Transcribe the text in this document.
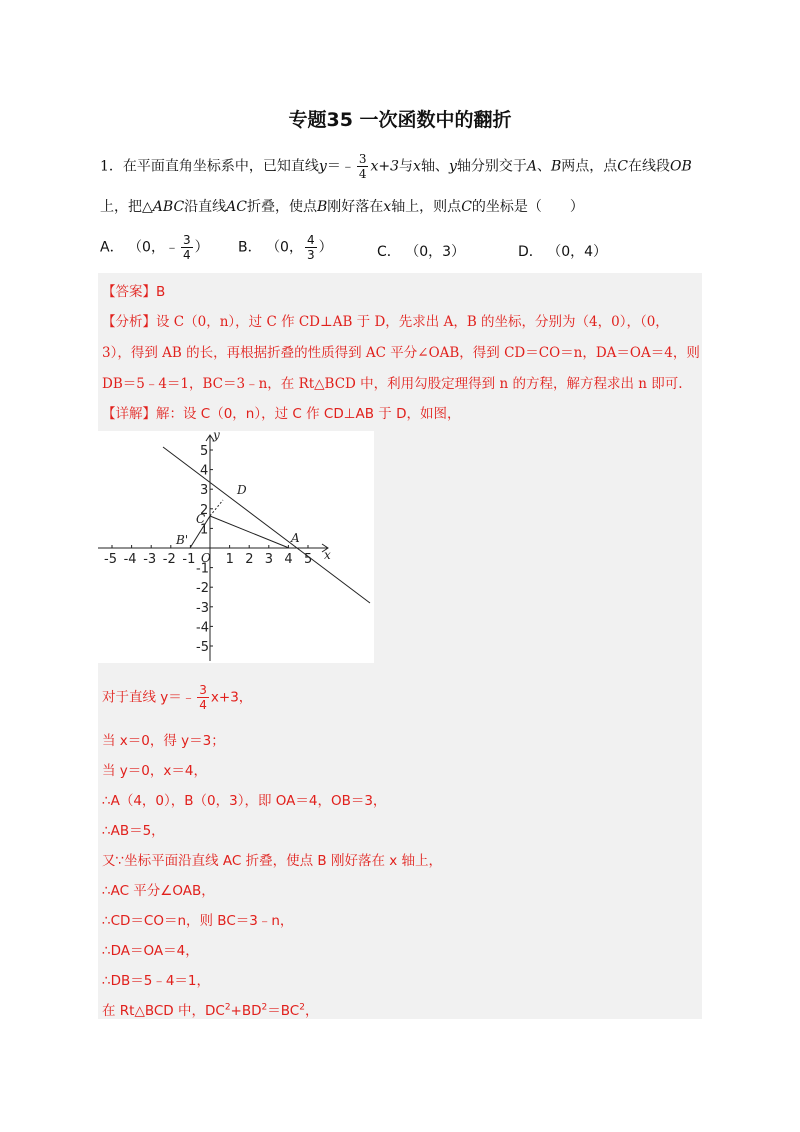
专题35 一次函数中的翻折
1．在平面直角坐标系中，已知直线y＝﹣ $\frac{3}{4} x+3$与x轴、y轴分别交于A、B两点，点C在线段OB
上，把△ABC沿直线AC折叠，使点B刚好落在x轴上，则点C的坐标是（　　）
A． （0，﹣ $\frac{3}{4}$ ） B． （0， $\frac{4}{3}$ ）	C． （0，3）	D． （0，4）
【答案】B
【分析】设 C（0，n），过 C 作 CD⊥AB 于 D，先求出 A，B 的坐标，分别为（4，0），（0，
3），得到 AB 的长，再根据折叠的性质得到 AC 平分∠OAB，得到 CD＝CO＝n，DA＝OA＝4，则
DB＝5﹣4＝1，BC＝3﹣n，在 Rt△BCD 中，利用勾股定理得到 n 的方程，解方程求出 n 即可.
【详解】解：设 C（0，n），过 C 作 CD⊥AB 于 D，如图，
-5 -4 -3 -2 -1 1 2 3 4 5
5
4
3
2
1
-1
-2
-3
-4
-5
x
y
O
A
B'
C
D
对于直线 y＝﹣ $\frac{3}{4} x+3$，
当 x＝0，得 y＝3；
当 y＝0，x＝4，
∴A（4，0），B（0，3），即 OA＝4，OB＝3，
∴AB＝5，
又∵坐标平面沿直线 AC 折叠，使点 B 刚好落在 x 轴上，
∴AC 平分∠OAB，
∴CD＝CO＝n，则 BC＝3﹣n，
∴DA＝OA＝4，
∴DB＝5﹣4＝1，
在 Rt△BCD 中，$DC^2+BD^2=BC^2$，
